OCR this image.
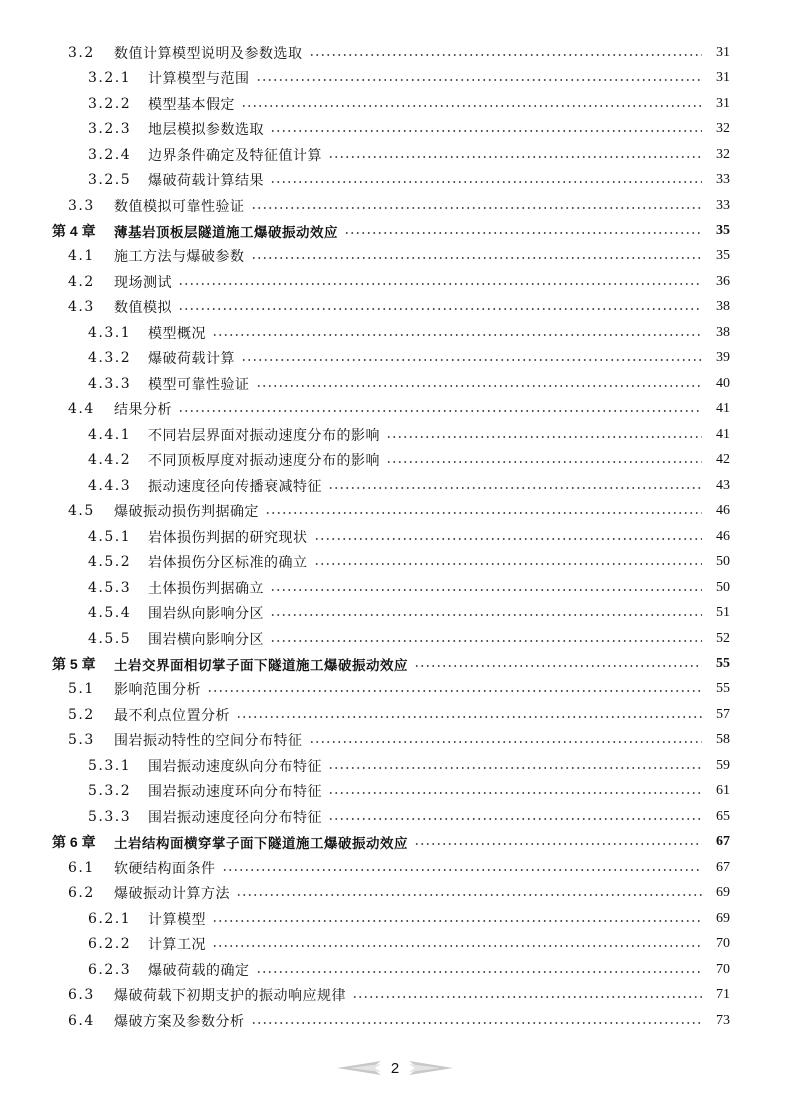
3.2	数值计算模型说明及参数选取	31
3.2.1	计算模型与范围	31
3.2.2	模型基本假定	31
3.2.3	地层模拟参数选取	32
3.2.4	边界条件确定及特征值计算	32
3.2.5	爆破荷载计算结果	33
3.3	数值模拟可靠性验证	33
第 4 章	薄基岩顶板层隧道施工爆破振动效应	35
4.1	施工方法与爆破参数	35
4.2	现场测试	36
4.3	数值模拟	38
4.3.1	模型概况	38
4.3.2	爆破荷载计算	39
4.3.3	模型可靠性验证	40
4.4	结果分析	41
4.4.1	不同岩层界面对振动速度分布的影响	41
4.4.2	不同顶板厚度对振动速度分布的影响	42
4.4.3	振动速度径向传播衰减特征	43
4.5	爆破振动损伤判据确定	46
4.5.1	岩体损伤判据的研究现状	46
4.5.2	岩体损伤分区标准的确立	50
4.5.3	土体损伤判据确立	50
4.5.4	围岩纵向影响分区	51
4.5.5	围岩横向影响分区	52
第 5 章	土岩交界面相切掌子面下隧道施工爆破振动效应	55
5.1	影响范围分析	55
5.2	最不利点位置分析	57
5.3	围岩振动特性的空间分布特征	58
5.3.1	围岩振动速度纵向分布特征	59
5.3.2	围岩振动速度环向分布特征	61
5.3.3	围岩振动速度径向分布特征	65
第 6 章	土岩结构面横穿掌子面下隧道施工爆破振动效应	67
6.1	软硬结构面条件	67
6.2	爆破振动计算方法	69
6.2.1	计算模型	69
6.2.2	计算工况	70
6.2.3	爆破荷载的确定	70
6.3	爆破荷载下初期支护的振动响应规律	71
6.4	爆破方案及参数分析	73
2
